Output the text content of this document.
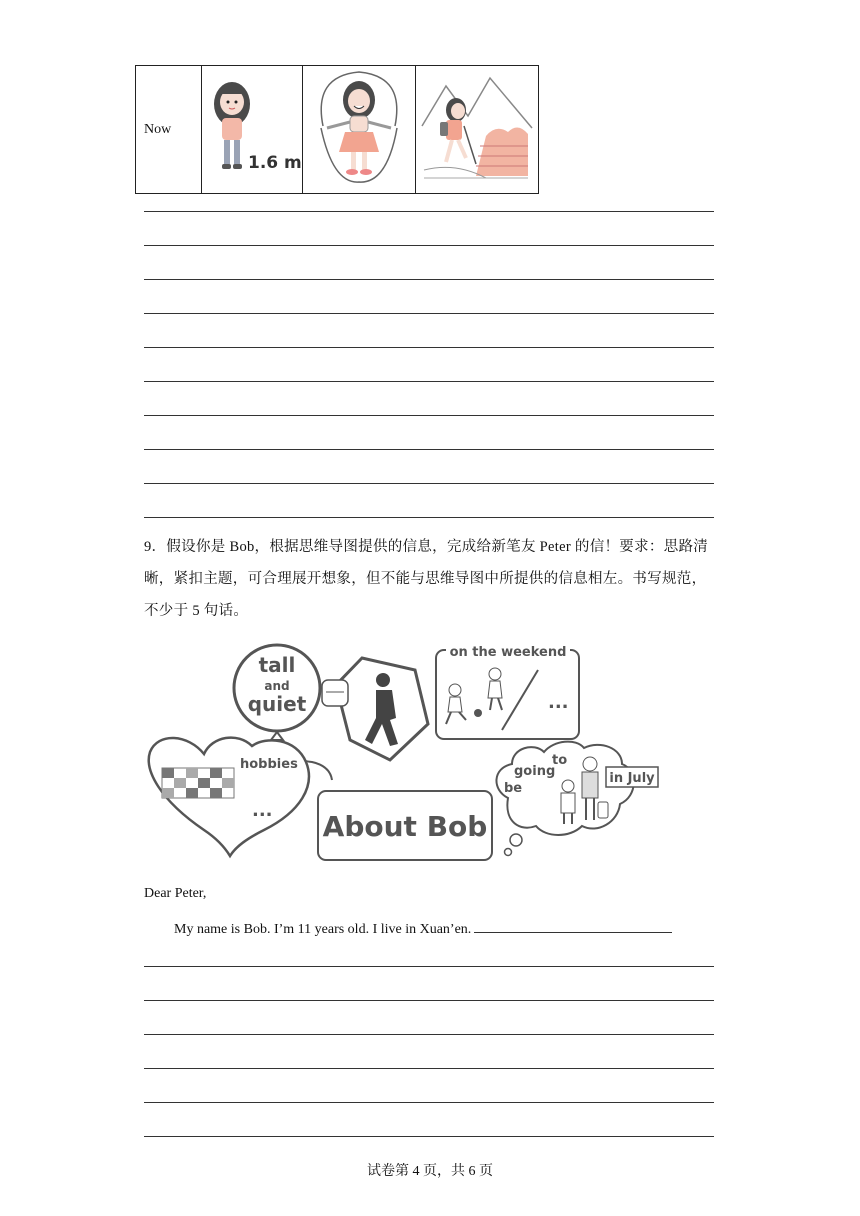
Now	
1.6 m

9．假设你是 Bob，根据思维导图提供的信息，完成给新笔友 Peter 的信！要求：思路清晰，紧扣主题，可合理展开想象，但不能与思维导图中所提供的信息相左。书写规范，不少于 5 句话。
tall
and
quiet
on the weekend
...
hobbies
... About Bob
be
going
to
in July
Dear Peter,
My name is Bob. I’m 11 years old. I live in Xuan’en.
试卷第 4 页，共 6 页
